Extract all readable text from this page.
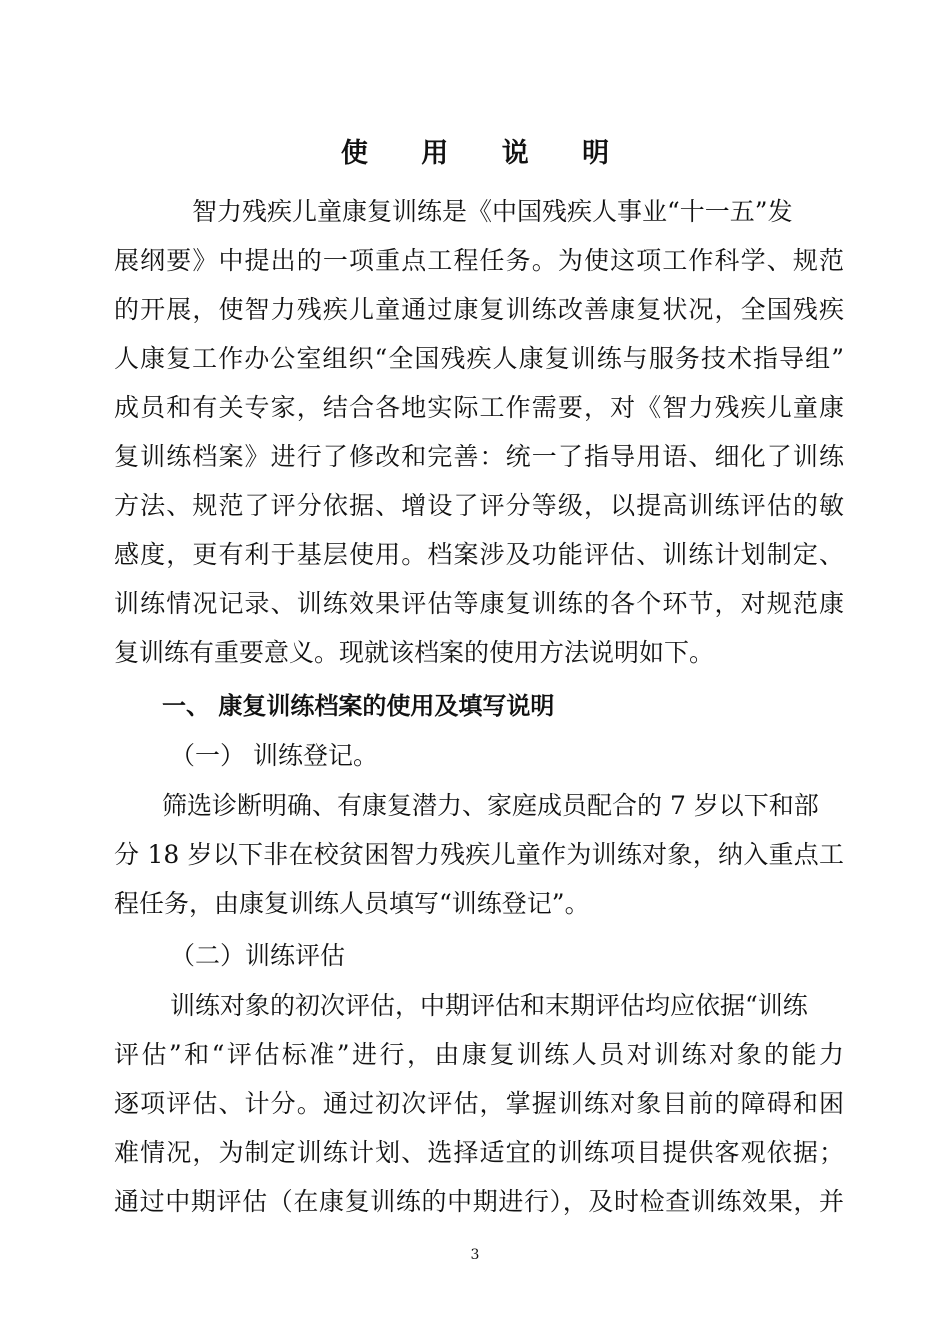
使 用 说 明
智力残疾儿童康复训练是《中国残疾人事业“十一五”发
展纲要》中提出的一项重点工程任务。为使这项工作科学、规范
的开展，使智力残疾儿童通过康复训练改善康复状况，全国残疾
人康复工作办公室组织“全国残疾人康复训练与服务技术指导组”
成员和有关专家，结合各地实际工作需要，对《智力残疾儿童康
复训练档案》进行了修改和完善：统一了指导用语、细化了训练
方法、规范了评分依据、增设了评分等级，以提高训练评估的敏
感度，更有利于基层使用。档案涉及功能评估、训练计划制定、
训练情况记录、训练效果评估等康复训练的各个环节，对规范康
复训练有重要意义。现就该档案的使用方法说明如下。
一、 康复训练档案的使用及填写说明
（一） 训练登记。
筛选诊断明确、有康复潜力、家庭成员配合的 7 岁以下和部
分 18 岁以下非在校贫困智力残疾儿童作为训练对象，纳入重点工
程任务，由康复训练人员填写“训练登记”。
（二）训练评估
训练对象的初次评估，中期评估和末期评估均应依据“训练
评估”和“评估标准”进行，由康复训练人员对训练对象的能力
逐项评估、计分。通过初次评估，掌握训练对象目前的障碍和困
难情况，为制定训练计划、选择适宜的训练项目提供客观依据；
通过中期评估（在康复训练的中期进行），及时检查训练效果，并
3
